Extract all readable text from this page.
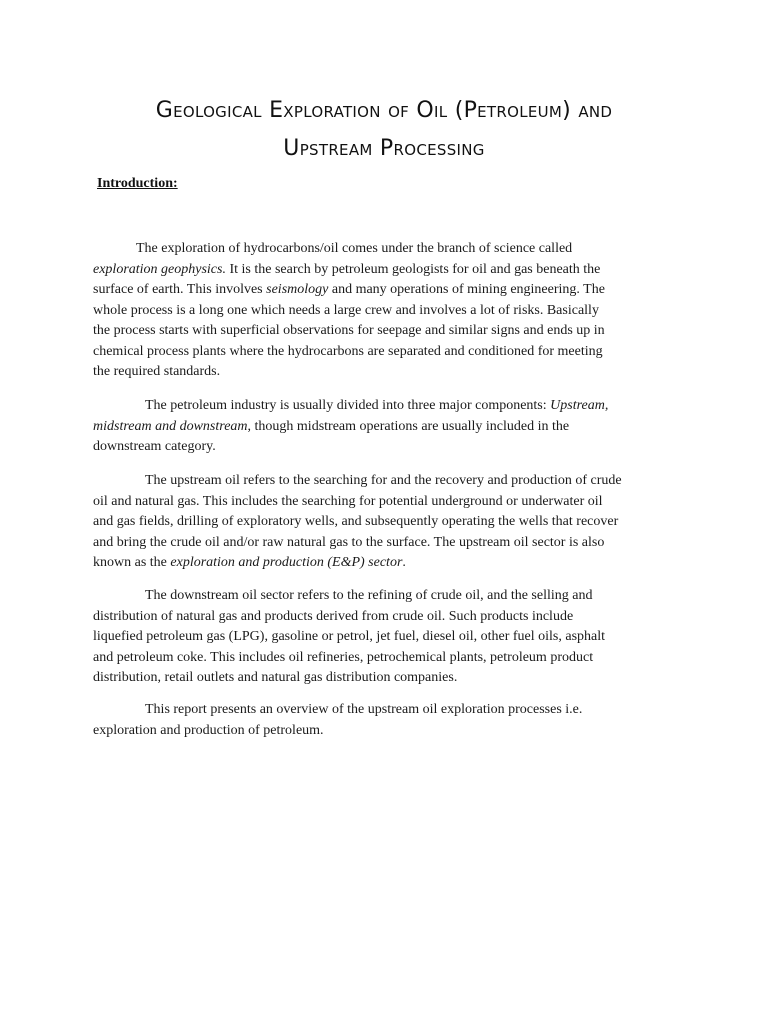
Geological Exploration of Oil (Petroleum) and
Upstream Processing

Introduction:

The exploration of hydrocarbons/oil comes under the branch of science called
exploration geophysics. It is the search by petroleum geologists for oil and gas beneath the
surface of earth. This involves seismology and many operations of mining engineering. The
whole process is a long one which needs a large crew and involves a lot of risks. Basically
the process starts with superficial observations for seepage and similar signs and ends up in
chemical process plants where the hydrocarbons are separated and conditioned for meeting
the required standards.

The petroleum industry is usually divided into three major components: Upstream,
midstream and downstream, though midstream operations are usually included in the
downstream category.

The upstream oil refers to the searching for and the recovery and production of crude
oil and natural gas. This includes the searching for potential underground or underwater oil
and gas fields, drilling of exploratory wells, and subsequently operating the wells that recover
and bring the crude oil and/or raw natural gas to the surface. The upstream oil sector is also
known as the exploration and production (E&P) sector.

The downstream oil sector refers to the refining of crude oil, and the selling and
distribution of natural gas and products derived from crude oil. Such products include
liquefied petroleum gas (LPG), gasoline or petrol, jet fuel, diesel oil, other fuel oils, asphalt
and petroleum coke. This includes oil refineries, petrochemical plants, petroleum product
distribution, retail outlets and natural gas distribution companies.

This report presents an overview of the upstream oil exploration processes i.e.
exploration and production of petroleum.
